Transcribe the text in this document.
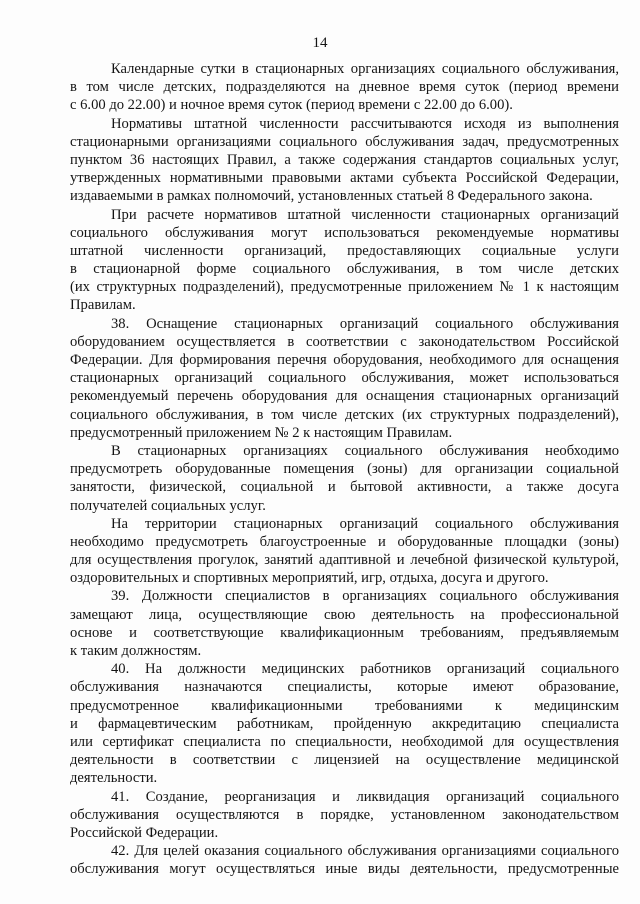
14
Календарные сутки в стационарных организациях социального обслуживания,
в том числе детских, подразделяются на дневное время суток (период времени
с 6.00 до 22.00) и ночное время суток (период времени с 22.00 до 6.00).
Нормативы штатной численности рассчитываются исходя из выполнения
стационарными организациями социального обслуживания задач, предусмотренных
пунктом 36 настоящих Правил, а также содержания стандартов социальных услуг,
утвержденных нормативными правовыми актами субъекта Российской Федерации,
издаваемыми в рамках полномочий, установленных статьей 8 Федерального закона.
При расчете нормативов штатной численности стационарных организаций
социального обслуживания могут использоваться рекомендуемые нормативы
штатной численности организаций, предоставляющих социальные услуги
в стационарной форме социального обслуживания, в том числе детских
(их структурных подразделений), предусмотренные приложением № 1 к настоящим
Правилам.
38. Оснащение стационарных организаций социального обслуживания
оборудованием осуществляется в соответствии с законодательством Российской
Федерации. Для формирования перечня оборудования, необходимого для оснащения
стационарных организаций социального обслуживания, может использоваться
рекомендуемый перечень оборудования для оснащения стационарных организаций
социального обслуживания, в том числе детских (их структурных подразделений),
предусмотренный приложением № 2 к настоящим Правилам.
В стационарных организациях социального обслуживания необходимо
предусмотреть оборудованные помещения (зоны) для организации социальной
занятости, физической, социальной и бытовой активности, а также досуга
получателей социальных услуг.
На территории стационарных организаций социального обслуживания
необходимо предусмотреть благоустроенные и оборудованные площадки (зоны)
для осуществления прогулок, занятий адаптивной и лечебной физической культурой,
оздоровительных и спортивных мероприятий, игр, отдыха, досуга и другого.
39. Должности специалистов в организациях социального обслуживания
замещают лица, осуществляющие свою деятельность на профессиональной
основе и соответствующие квалификационным требованиям, предъявляемым
к таким должностям.
40. На должности медицинских работников организаций социального
обслуживания назначаются специалисты, которые имеют образование,
предусмотренное квалификационными требованиями к медицинским
и фармацевтическим работникам, пройденную аккредитацию специалиста
или сертификат специалиста по специальности, необходимой для осуществления
деятельности в соответствии с лицензией на осуществление медицинской
деятельности.
41. Создание, реорганизация и ликвидация организаций социального
обслуживания осуществляются в порядке, установленном законодательством
Российской Федерации.
42. Для целей оказания социального обслуживания организациями социального
обслуживания могут осуществляться иные виды деятельности, предусмотренные
